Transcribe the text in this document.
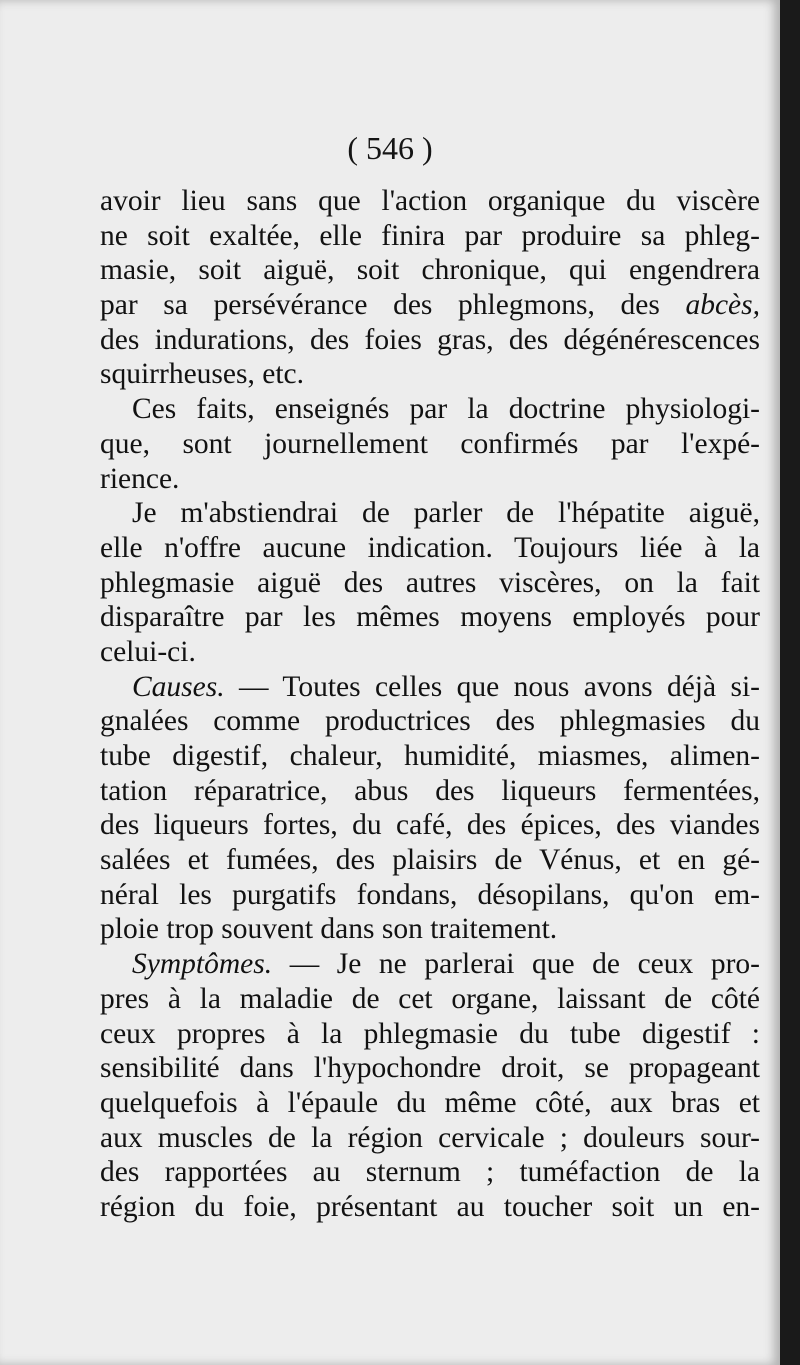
( 546 )
avoir lieu sans que l'action organique du viscère
ne soit exaltée, elle finira par produire sa phleg-
masie, soit aiguë, soit chronique, qui engendrera
par sa persévérance des phlegmons, des abcès,
des indurations, des foies gras, des dégénérescences
squirrheuses, etc.
Ces faits, enseignés par la doctrine physiologi-
que, sont journellement confirmés par l'expé-
rience.
Je m'abstiendrai de parler de l'hépatite aiguë,
elle n'offre aucune indication. Toujours liée à la
phlegmasie aiguë des autres viscères, on la fait
disparaître par les mêmes moyens employés pour
celui-ci.
Causes. — Toutes celles que nous avons déjà si-
gnalées comme productrices des phlegmasies du
tube digestif, chaleur, humidité, miasmes, alimen-
tation réparatrice, abus des liqueurs fermentées,
des liqueurs fortes, du café, des épices, des viandes
salées et fumées, des plaisirs de Vénus, et en gé-
néral les purgatifs fondans, désopilans, qu'on em-
ploie trop souvent dans son traitement.
Symptômes. — Je ne parlerai que de ceux pro-
pres à la maladie de cet organe, laissant de côté
ceux propres à la phlegmasie du tube digestif :
sensibilité dans l'hypochondre droit, se propageant
quelquefois à l'épaule du même côté, aux bras et
aux muscles de la région cervicale ; douleurs sour-
des rapportées au sternum ; tuméfaction de la
région du foie, présentant au toucher soit un en-
